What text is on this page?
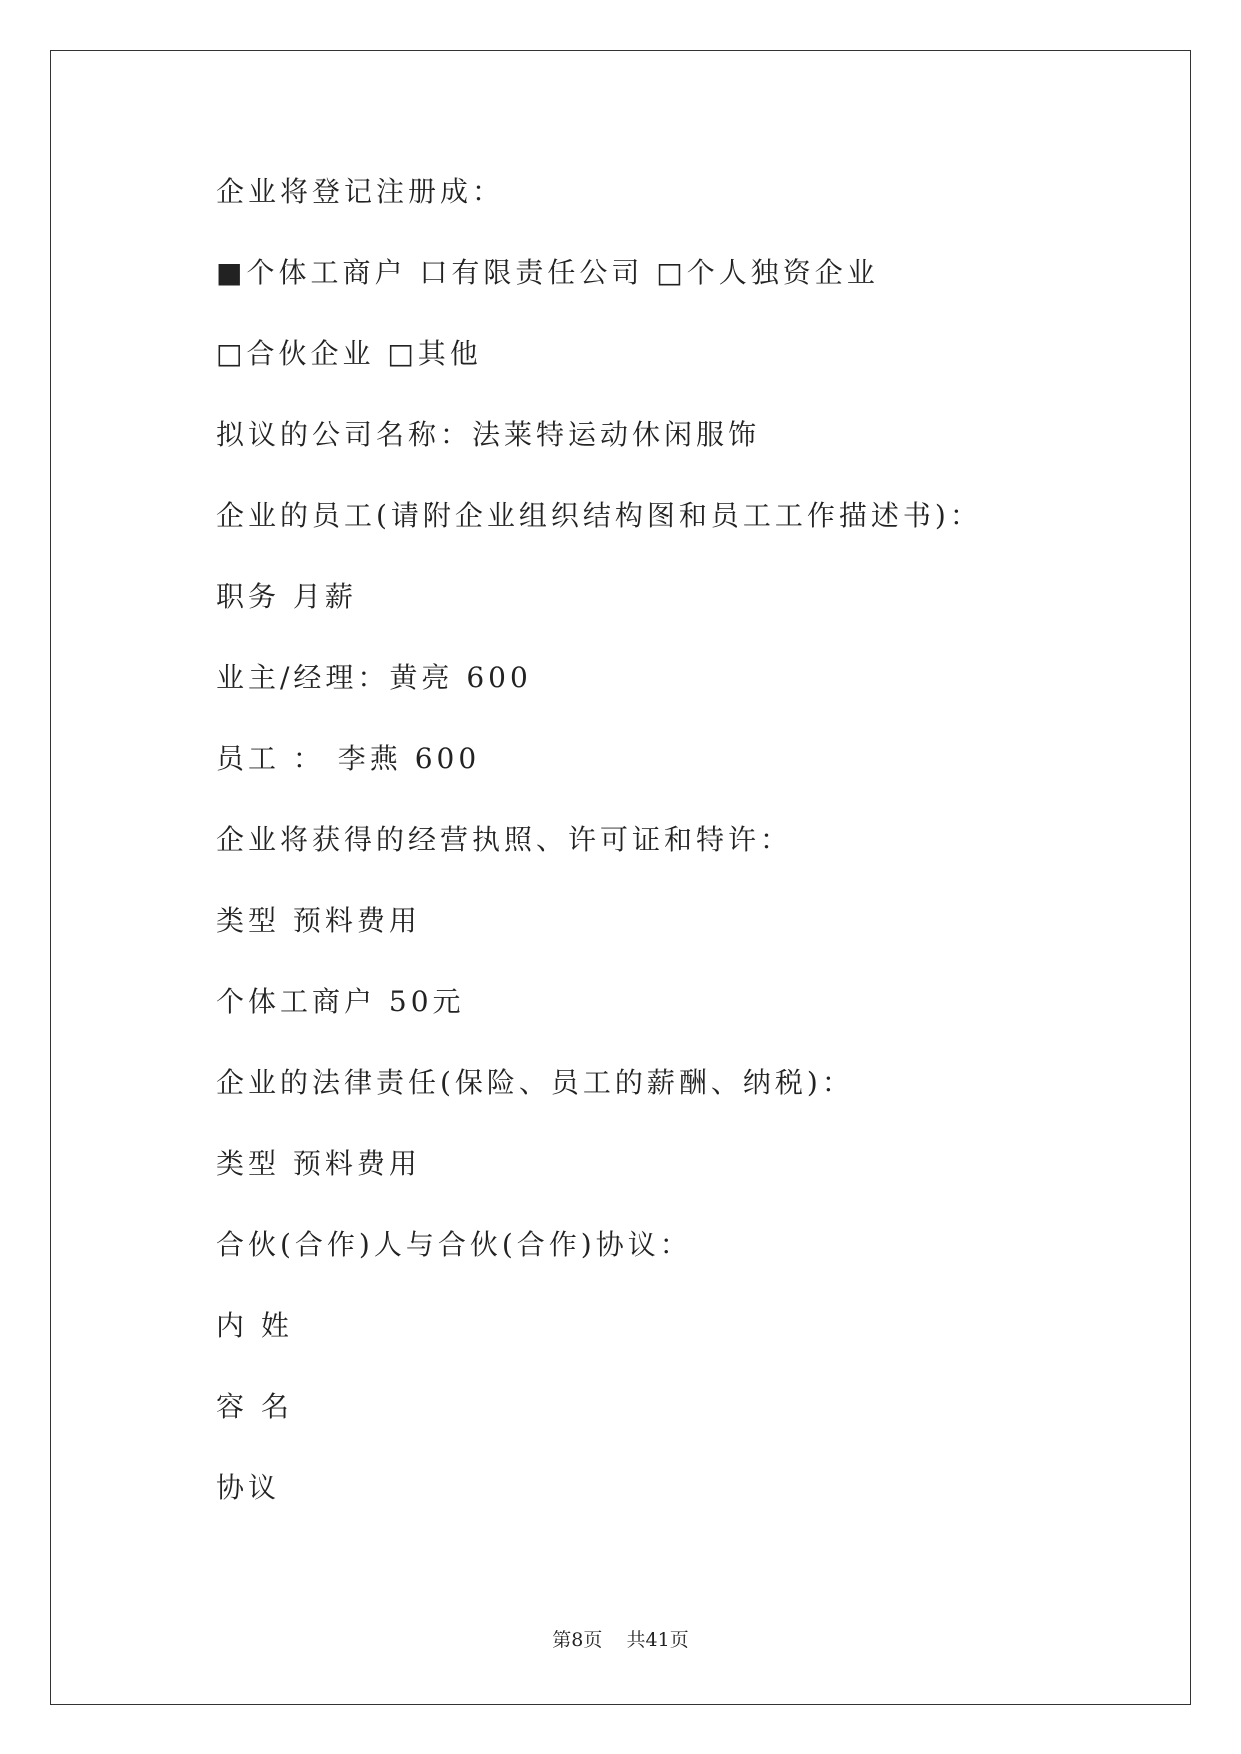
企业将登记注册成：
■个体工商户 口有限责任公司 □个人独资企业
□合伙企业 □其他
拟议的公司名称：法莱特运动休闲服饰
企业的员工(请附企业组织结构图和员工工作描述书)：
职务 月薪
业主/经理：黄亮 600
员工 ： 李燕 600
企业将获得的经营执照、许可证和特许：
类型 预料费用
个体工商户 50元
企业的法律责任(保险、员工的薪酬、纳税)：
类型 预料费用
合伙(合作)人与合伙(合作)协议：
内 姓
容 名
协议
第8页    共41页
